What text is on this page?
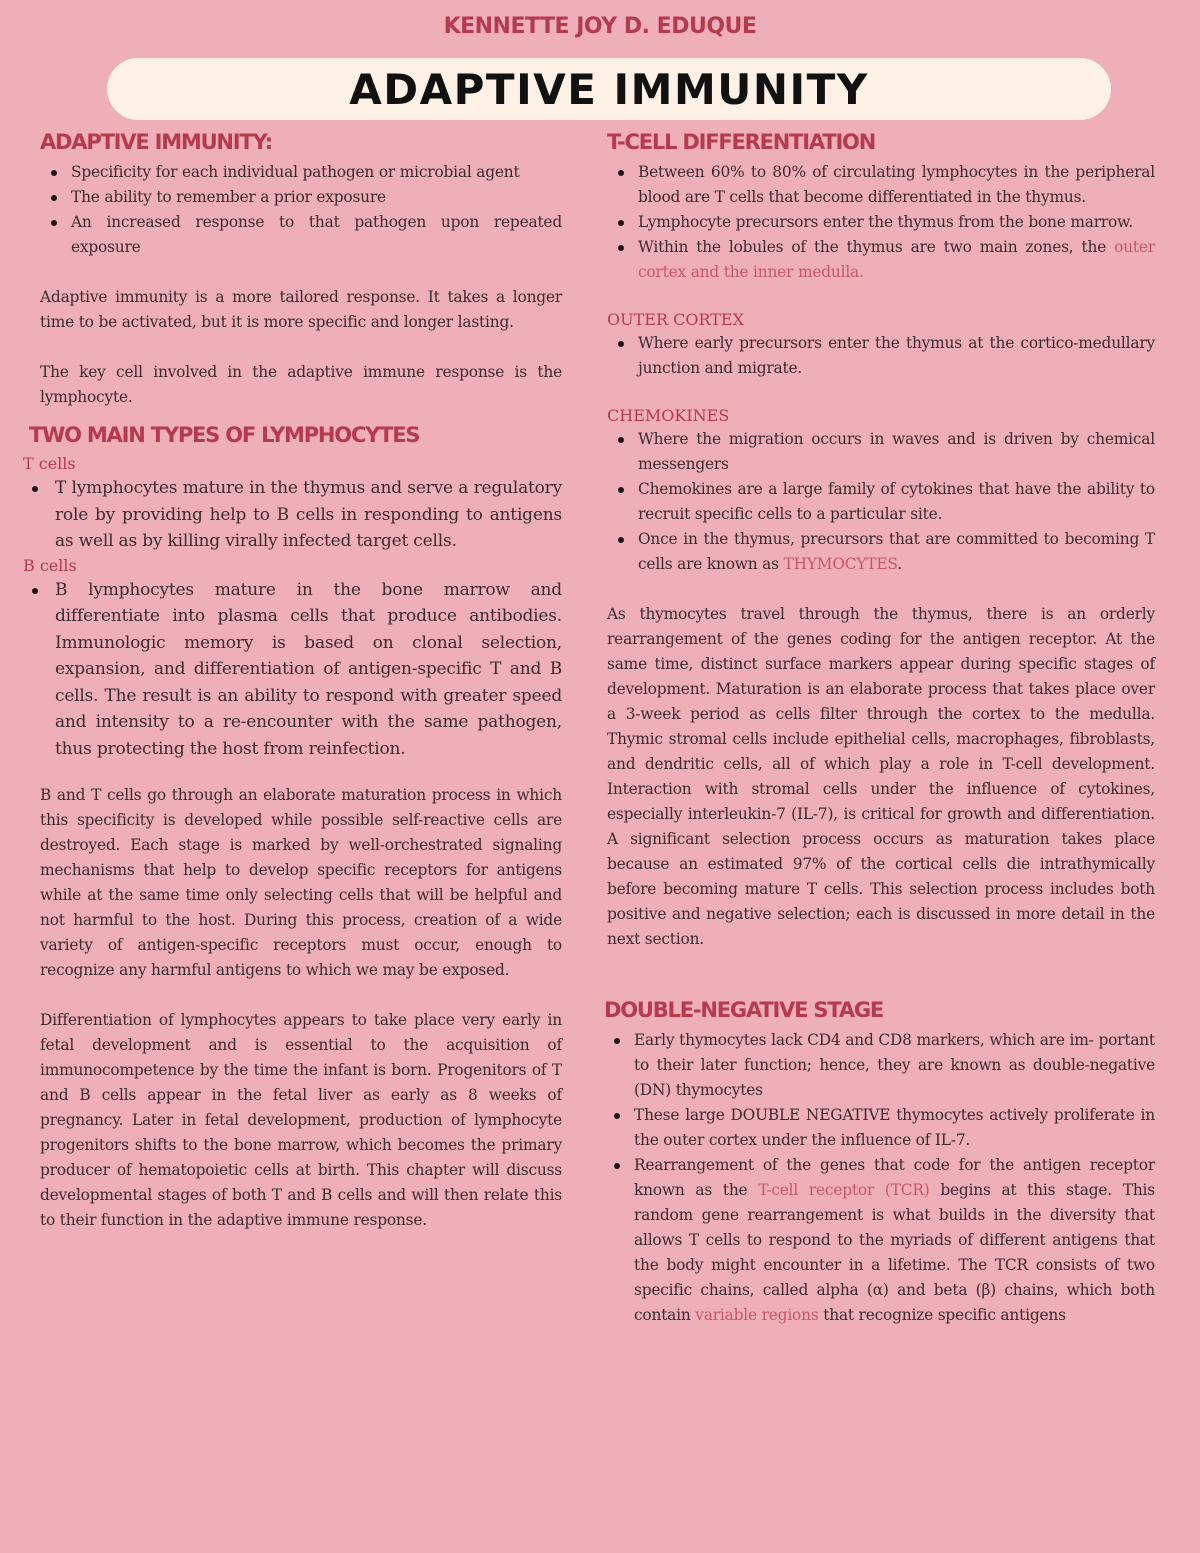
KENNETTE JOY D. EDUQUE
ADAPTIVE IMMUNITY
ADAPTIVE IMMUNITY:
Specificity for each individual pathogen or microbial agent
The ability to remember a prior exposure
An increased response to that pathogen upon repeated exposure

Adaptive immunity is a more tailored response. It takes a longer time to be activated, but it is more specific and longer lasting.

The key cell involved in the adaptive immune response is the lymphocyte.

TWO MAIN TYPES OF LYMPHOCYTES
T cells
T lymphocytes mature in the thymus and serve a regulatory role by providing help to B cells in responding to antigens as well as by killing virally infected target cells.
B cells
B lymphocytes mature in the bone marrow and differentiate into plasma cells that produce antibodies. Immunologic memory is based on clonal selection, expansion, and differentiation of antigen-specific T and B cells. The result is an ability to respond with greater speed and intensity to a re-encounter with the same pathogen, thus protecting the host from reinfection.

B and T cells go through an elaborate maturation process in which this specificity is developed while possible self-reactive cells are destroyed. Each stage is marked by well-orchestrated signaling mechanisms that help to develop specific receptors for antigens while at the same time only selecting cells that will be helpful and not harmful to the host. During this process, creation of a wide variety of antigen-specific receptors must occur, enough to recognize any harmful antigens to which we may be exposed.

Differentiation of lymphocytes appears to take place very early in fetal development and is essential to the acquisition of immunocompetence by the time the infant is born. Progenitors of T and B cells appear in the fetal liver as early as 8 weeks of pregnancy. Later in fetal development, production of lymphocyte progenitors shifts to the bone marrow, which becomes the primary producer of hematopoietic cells at birth. This chapter will discuss developmental stages of both T and B cells and will then relate this to their function in the adaptive immune response.

T-CELL DIFFERENTIATION
Between 60% to 80% of circulating lymphocytes in the peripheral blood are T cells that become differentiated in the thymus.
Lymphocyte precursors enter the thymus from the bone marrow.
Within the lobules of the thymus are two main zones, the outer cortex and the inner medulla.
OUTER CORTEX
Where early precursors enter the thymus at the cortico-medullary junction and migrate.
CHEMOKINES
Where the migration occurs in waves and is driven by chemical messengers
Chemokines are a large family of cytokines that have the ability to recruit specific cells to a particular site.
Once in the thymus, precursors that are committed to becoming T cells are known as THYMOCYTES.

As thymocytes travel through the thymus, there is an orderly rearrangement of the genes coding for the antigen receptor. At the same time, distinct surface markers appear during specific stages of development. Maturation is an elaborate process that takes place over a 3-week period as cells filter through the cortex to the medulla. Thymic stromal cells include epithelial cells, macrophages, fibroblasts, and dendritic cells, all of which play a role in T-cell development. Interaction with stromal cells under the influence of cytokines, especially interleukin-7 (IL-7), is critical for growth and differentiation. A significant selection process occurs as maturation takes place because an estimated 97% of the cortical cells die intrathymically before becoming mature T cells. This selection process includes both positive and negative selection; each is discussed in more detail in the next section.

DOUBLE-NEGATIVE STAGE
Early thymocytes lack CD4 and CD8 markers, which are im- portant to their later function; hence, they are known as double-negative (DN) thymocytes
These large DOUBLE NEGATIVE thymocytes actively proliferate in the outer cortex under the influence of IL-7.
Rearrangement of the genes that code for the antigen receptor known as the T-cell receptor (TCR) begins at this stage. This random gene rearrangement is what builds in the diversity that allows T cells to respond to the myriads of different antigens that the body might encounter in a lifetime. The TCR consists of two specific chains, called alpha (α) and beta (β) chains, which both contain variable regions that recognize specific antigens
